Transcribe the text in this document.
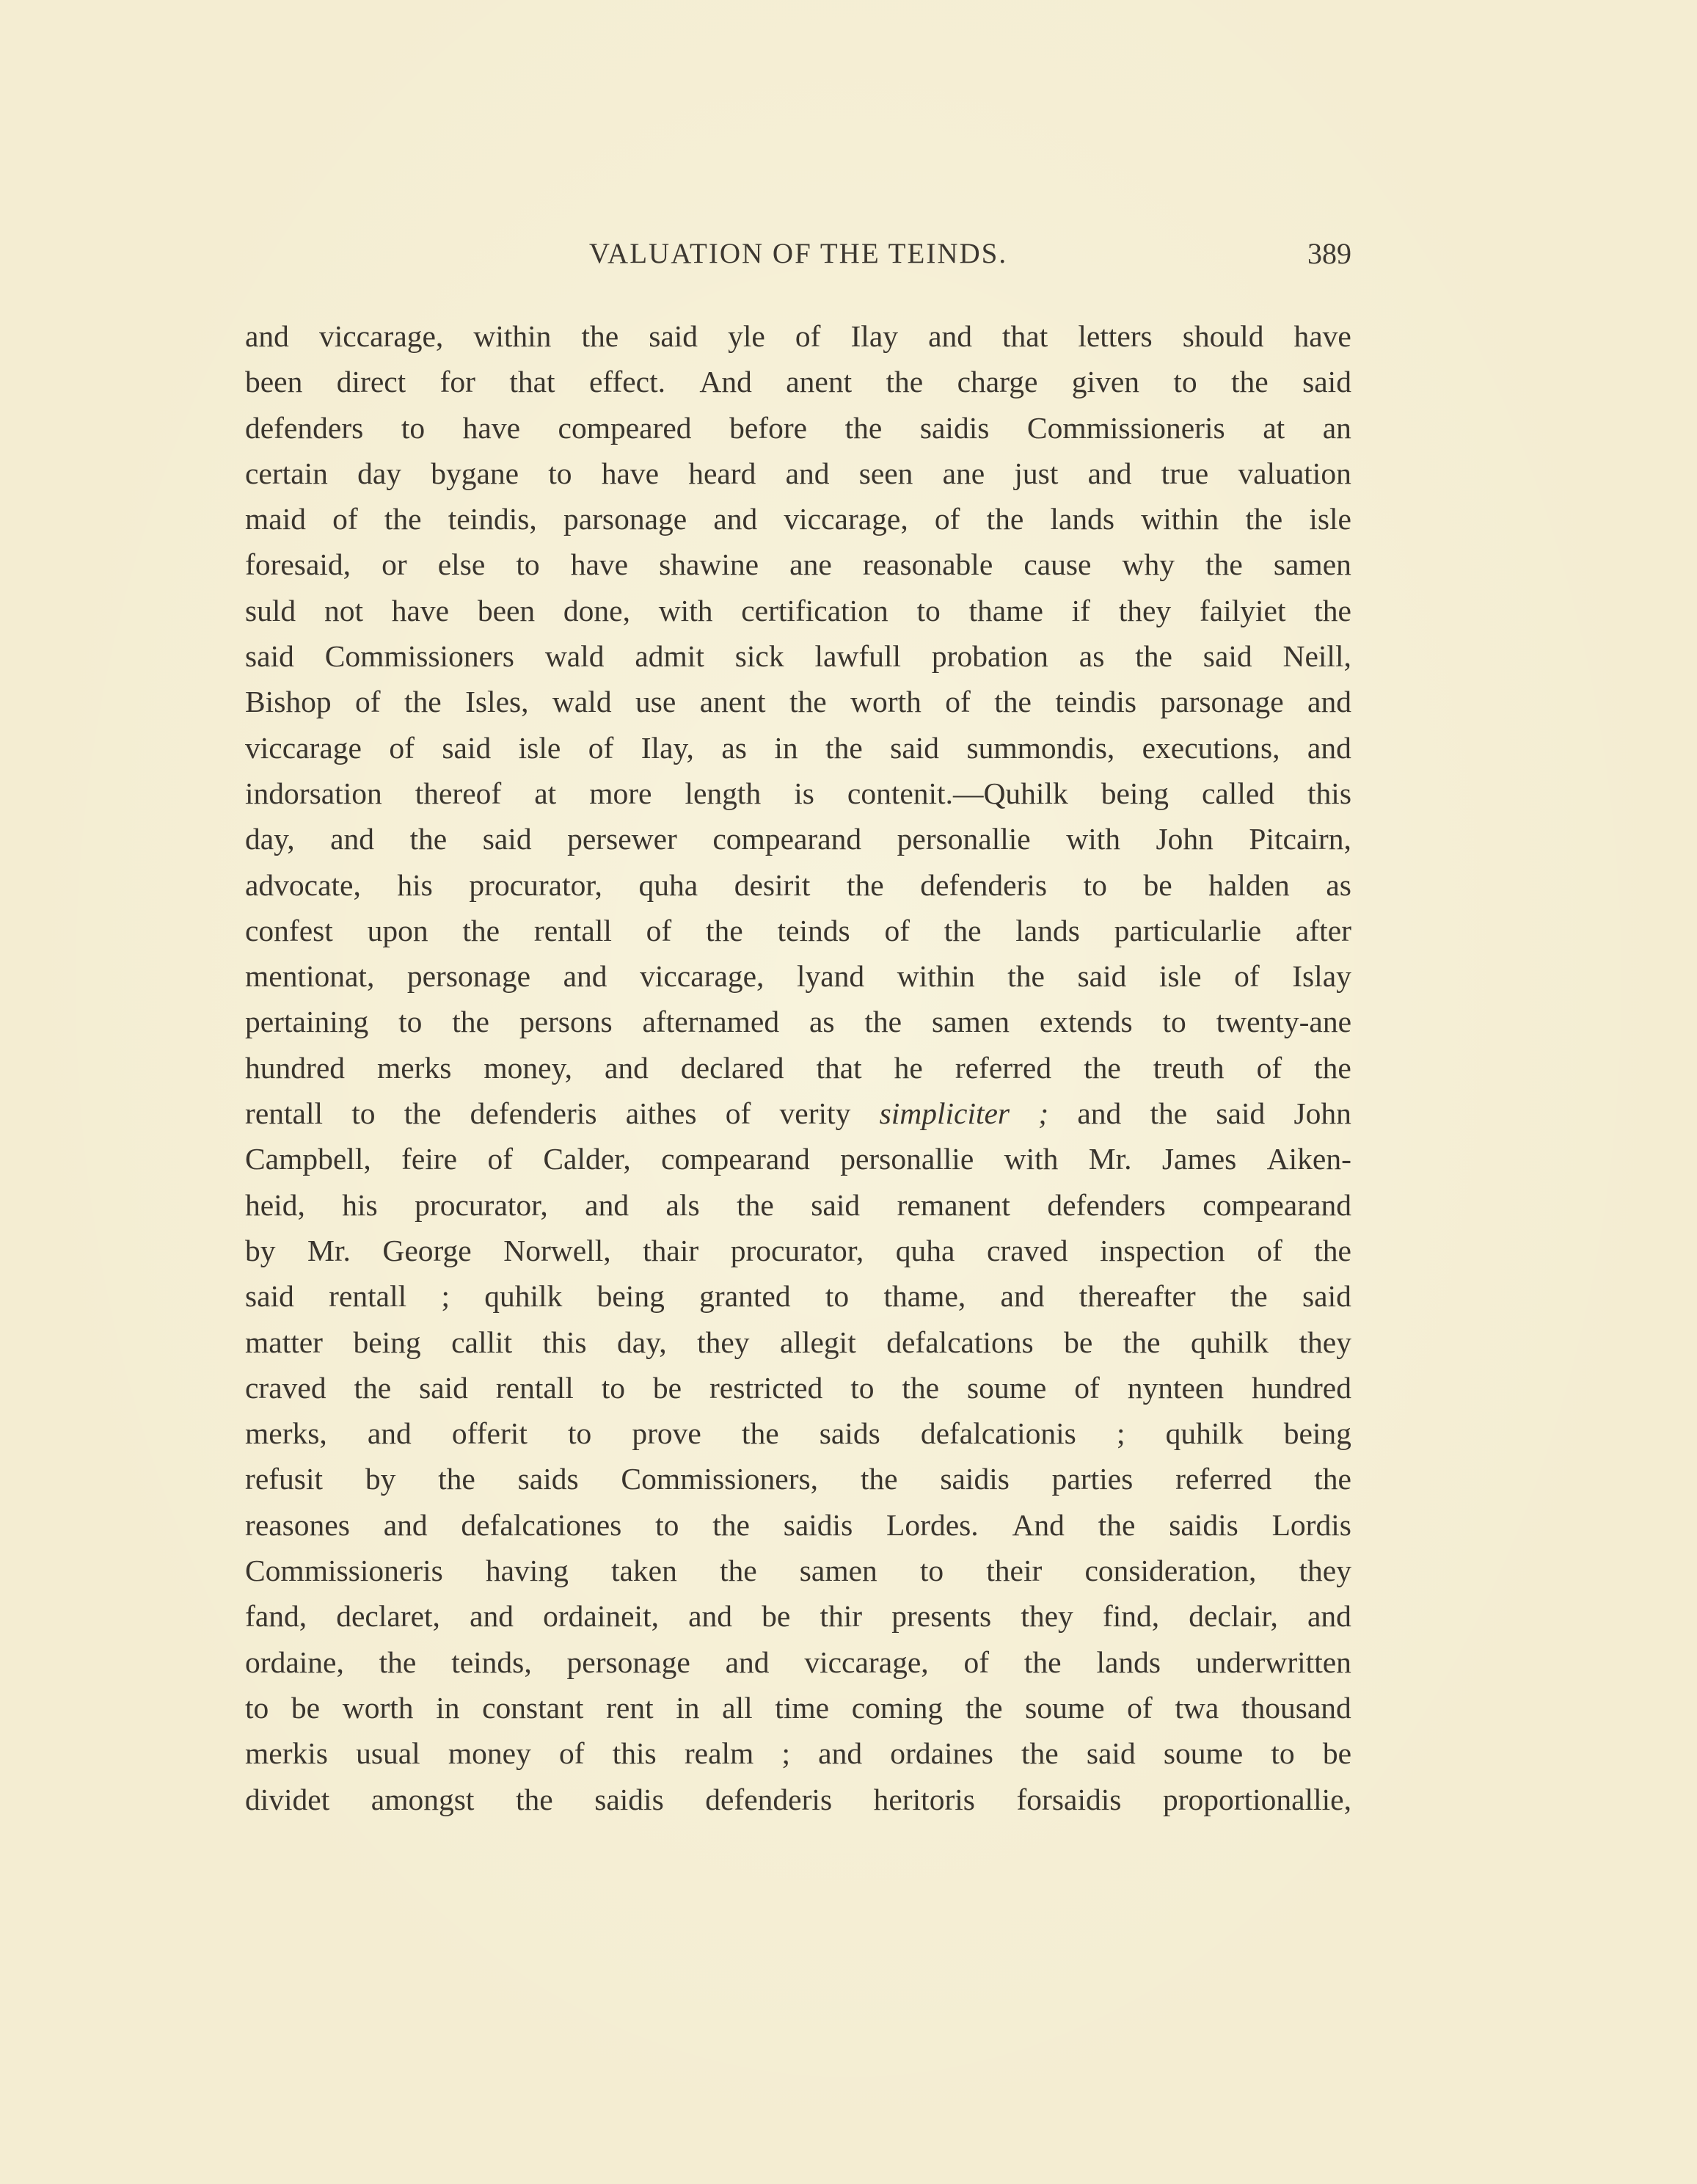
VALUATION OF THE TEINDS.	389
and viccarage, within the said yle of Ilay and that letters should have
been direct for that effect. And anent the charge given to the said
defenders to have compeared before the saidis Commissioneris at an
certain day bygane to have heard and seen ane just and true valuation
maid of the teindis, parsonage and viccarage, of the lands within the isle
foresaid, or else to have shawine ane reasonable cause why the samen
suld not have been done, with certification to thame if they failyiet the
said Commissioners wald admit sick lawfull probation as the said Neill,
Bishop of the Isles, wald use anent the worth of the teindis parsonage and
viccarage of said isle of Ilay, as in the said summondis, executions, and
indorsation thereof at more length is contenit.—Quhilk being called this
day, and the said persewer compearand personallie with John Pitcairn,
advocate, his procurator, quha desirit the defenderis to be halden as
confest upon the rentall of the teinds of the lands particularlie after
mentionat, personage and viccarage, lyand within the said isle of Islay
pertaining to the persons afternamed as the samen extends to twenty-ane
hundred merks money, and declared that he referred the treuth of the
rentall to the defenderis aithes of verity simpliciter ; and the said John
Campbell, feire of Calder, compearand personallie with Mr. James Aiken-
heid, his procurator, and als the said remanent defenders compearand
by Mr. George Norwell, thair procurator, quha craved inspection of the
said rentall ; quhilk being granted to thame, and thereafter the said
matter being callit this day, they allegit defalcations be the quhilk they
craved the said rentall to be restricted to the soume of nynteen hundred
merks, and offerit to prove the saids defalcationis ; quhilk being
refusit by the saids Commissioners, the saidis parties referred the
reasones and defalcationes to the saidis Lordes. And the saidis Lordis
Commissioneris having taken the samen to their consideration, they
fand, declaret, and ordaineit, and be thir presents they find, declair, and
ordaine, the teinds, personage and viccarage, of the lands underwritten
to be worth in constant rent in all time coming the soume of twa thousand
merkis usual money of this realm ; and ordaines the said soume to be
dividet amongst the saidis defenderis heritoris forsaidis proportionallie,
